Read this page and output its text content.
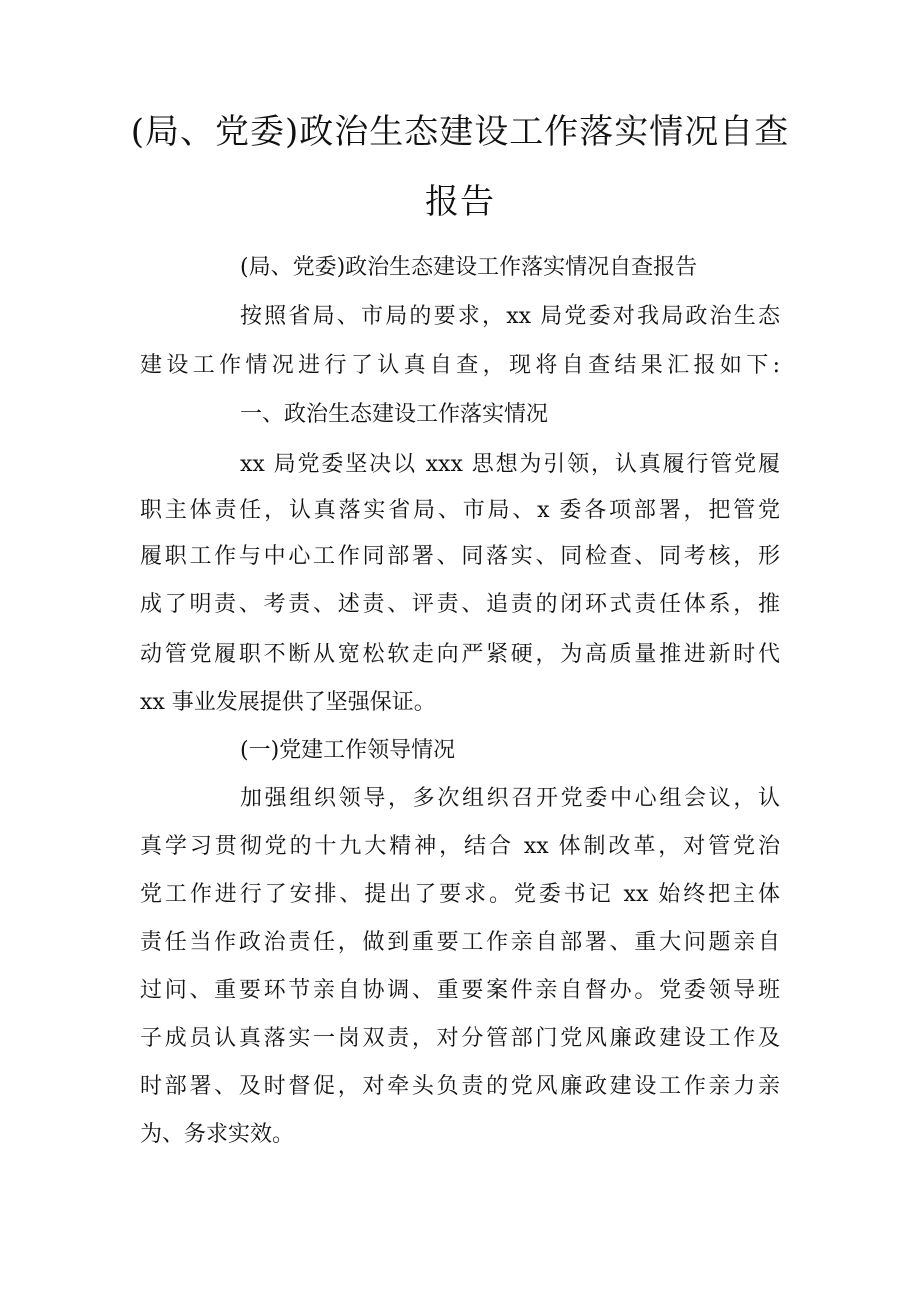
(局、党委)政治生态建设工作落实情况自查
报告

(局、党委)政治生态建设工作落实情况自查报告

按照省局、市局的要求，xx 局党委对我局政治生态

建设工作情况进行了认真自查，现将自查结果汇报如下:

一、政治生态建设工作落实情况

xx 局党委坚决以 xxx 思想为引领，认真履行管党履

职主体责任，认真落实省局、市局、x 委各项部署，把管党

履职工作与中心工作同部署、同落实、同检查、同考核，形

成了明责、考责、述责、评责、追责的闭环式责任体系，推

动管党履职不断从宽松软走向严紧硬，为高质量推进新时代

xx 事业发展提供了坚强保证。

(一)党建工作领导情况

加强组织领导，多次组织召开党委中心组会议，认

真学习贯彻党的十九大精神，结合 xx 体制改革，对管党治

党工作进行了安排、提出了要求。党委书记 xx 始终把主体

责任当作政治责任，做到重要工作亲自部署、重大问题亲自

过问、重要环节亲自协调、重要案件亲自督办。党委领导班

子成员认真落实一岗双责，对分管部门党风廉政建设工作及

时部署、及时督促，对牵头负责的党风廉政建设工作亲力亲

为、务求实效。
